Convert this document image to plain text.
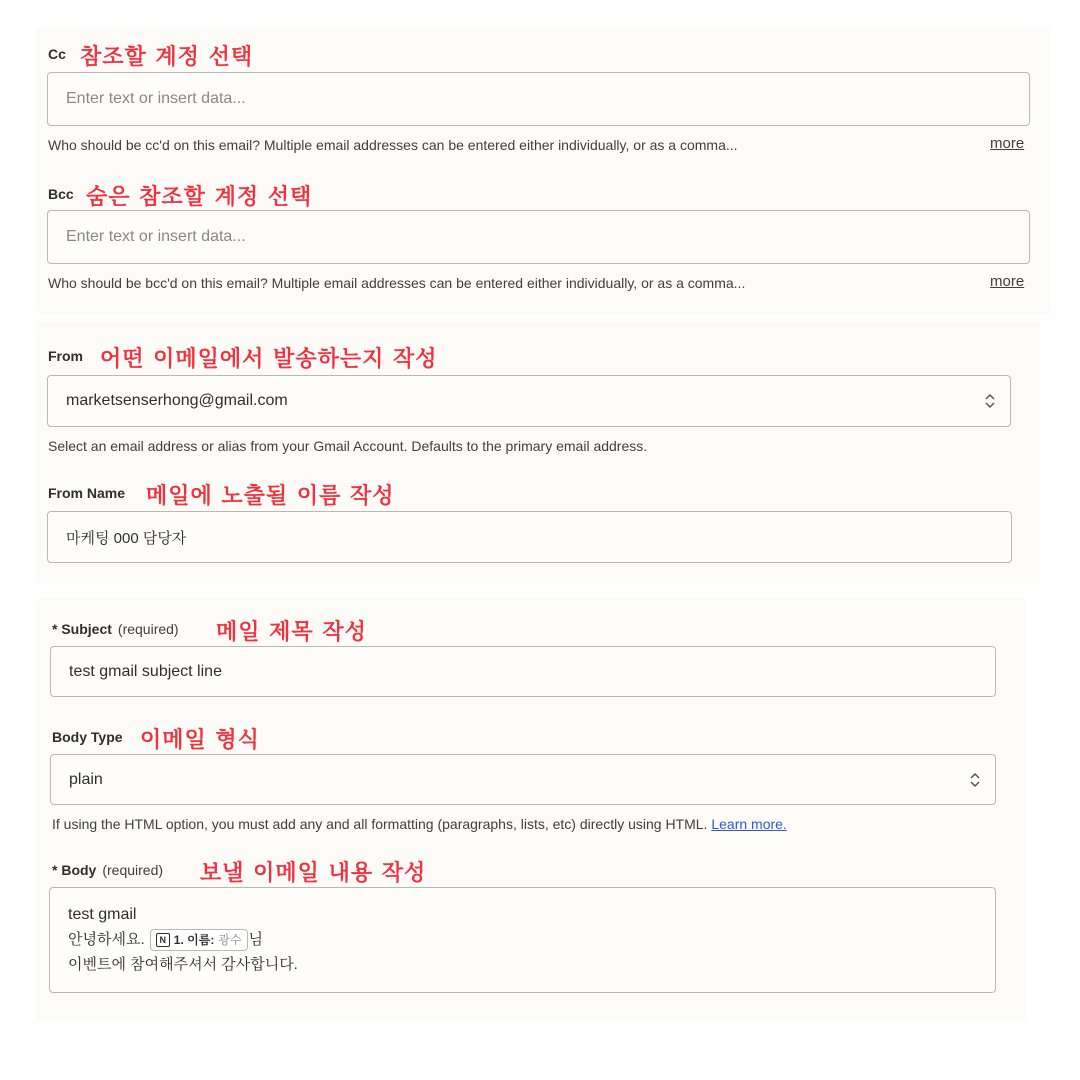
Cc 참조할 계정 선택
Enter text or insert data...
Who should be cc'd on this email? Multiple email addresses can be entered either individually, or as a comma...	more
Bcc 숨은 참조할 계정 선택
Enter text or insert data...
Who should be bcc'd on this email? Multiple email addresses can be entered either individually, or as a comma...	more
From 어떤 이메일에서 발송하는지 작성
marketsenserhong@gmail.com
Select an email address or alias from your Gmail Account. Defaults to the primary email address.
From Name 메일에 노출될 이름 작성
마케팅 000 담당자
* Subject (required) 메일 제목 작성
test gmail subject line
Body Type 이메일 형식
plain
If using the HTML option, you must add any and all formatting (paragraphs, lists, etc) directly using HTML. Learn more.
* Body (required) 보낼 이메일 내용 작성
test gmail
안녕하세요.	N 1. 이름: 광수 님
이벤트에 참여해주셔서 감사합니다.
